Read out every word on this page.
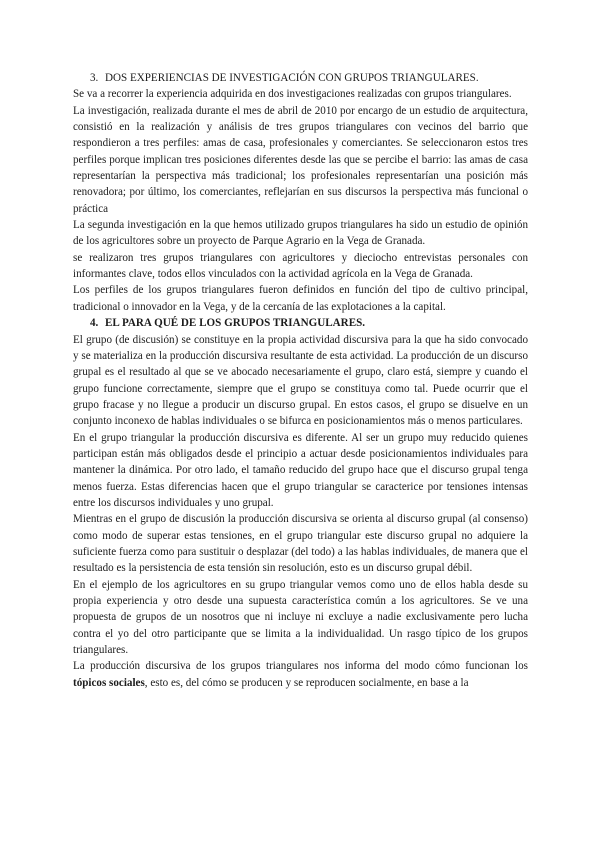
3. DOS EXPERIENCIAS DE INVESTIGACIÓN CON GRUPOS TRIANGULARES.

Se va a recorrer la experiencia adquirida en dos investigaciones realizadas con grupos triangulares.

La investigación, realizada durante el mes de abril de 2010 por encargo de un estudio de arquitectura, consistió en la realización y análisis de tres grupos triangulares con vecinos del barrio que respondieron a tres perfiles: amas de casa, profesionales y comerciantes. Se seleccionaron estos tres perfiles porque implican tres posiciones diferentes desde las que se percibe el barrio: las amas de casa representarían la perspectiva más tradicional; los profesionales representarían una posición más renovadora; por último, los comerciantes, reflejarían en sus discursos la perspectiva más funcional o práctica

La segunda investigación en la que hemos utilizado grupos triangulares ha sido un estudio de opinión de los agricultores sobre un proyecto de Parque Agrario en la Vega de Granada.

se realizaron tres grupos triangulares con agricultores y dieciocho entrevistas personales con informantes clave, todos ellos vinculados con la actividad agrícola en la Vega de Granada.

Los perfiles de los grupos triangulares fueron definidos en función del tipo de cultivo principal, tradicional o innovador en la Vega, y de la cercanía de las explotaciones a la capital.

4. EL PARA QUÉ DE LOS GRUPOS TRIANGULARES.

El grupo (de discusión) se constituye en la propia actividad discursiva para la que ha sido convocado y se materializa en la producción discursiva resultante de esta actividad. La producción de un discurso grupal es el resultado al que se ve abocado necesariamente el grupo, claro está, siempre y cuando el grupo funcione correctamente, siempre que el grupo se constituya como tal. Puede ocurrir que el grupo fracase y no llegue a producir un discurso grupal. En estos casos, el grupo se disuelve en un conjunto inconexo de hablas individuales o se bifurca en posicionamientos más o menos particulares.

En el grupo triangular la producción discursiva es diferente. Al ser un grupo muy reducido quienes participan están más obligados desde el principio a actuar desde posicionamientos individuales para mantener la dinámica. Por otro lado, el tamaño reducido del grupo hace que el discurso grupal tenga menos fuerza. Estas diferencias hacen que el grupo triangular se caracterice por tensiones intensas entre los discursos individuales y uno grupal.

Mientras en el grupo de discusión la producción discursiva se orienta al discurso grupal (al consenso) como modo de superar estas tensiones, en el grupo triangular este discurso grupal no adquiere la suficiente fuerza como para sustituir o desplazar (del todo) a las hablas individuales, de manera que el resultado es la persistencia de esta tensión sin resolución, esto es un discurso grupal débil.

En el ejemplo de los agricultores en su grupo triangular vemos como uno de ellos habla desde su propia experiencia y otro desde una supuesta característica común a los agricultores. Se ve una propuesta de grupos de un nosotros que ni incluye ni excluye a nadie exclusivamente pero lucha contra el yo del otro participante que se limita a la individualidad. Un rasgo típico de los grupos triangulares.

La producción discursiva de los grupos triangulares nos informa del modo cómo funcionan los tópicos sociales, esto es, del cómo se producen y se reproducen socialmente, en base a la
